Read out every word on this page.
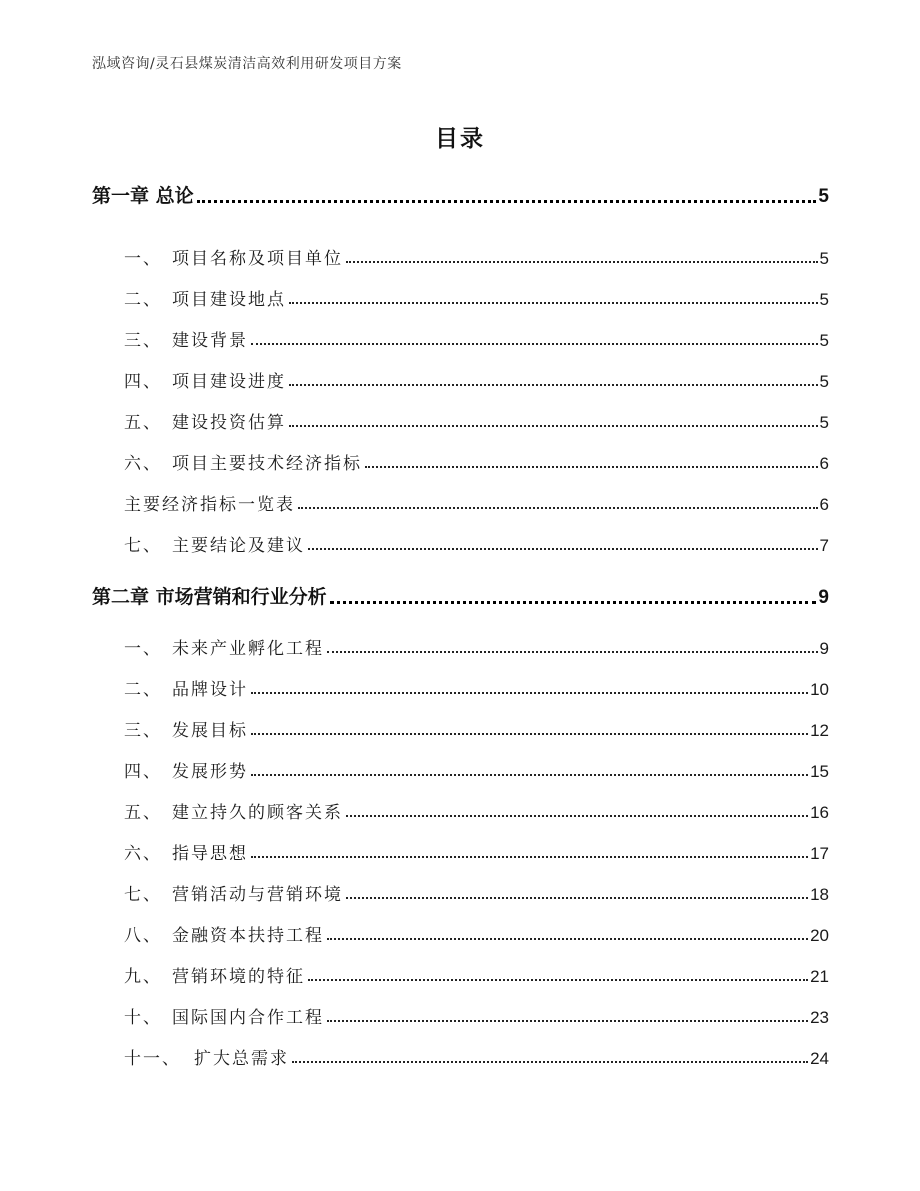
泓域咨询/灵石县煤炭清洁高效利用研发项目方案
目录
第一章 总论	5
一、 项目名称及项目单位	5
二、 项目建设地点	5
三、 建设背景	5
四、 项目建设进度	5
五、 建设投资估算	5
六、 项目主要技术经济指标	6
主要经济指标一览表	6
七、 主要结论及建议	7
第二章 市场营销和行业分析	9
一、 未来产业孵化工程	9
二、 品牌设计	10
三、 发展目标	12
四、 发展形势	15
五、 建立持久的顾客关系	16
六、 指导思想	17
七、 营销活动与营销环境	18
八、 金融资本扶持工程	20
九、 营销环境的特征	21
十、 国际国内合作工程	23
十一、 扩大总需求	24
